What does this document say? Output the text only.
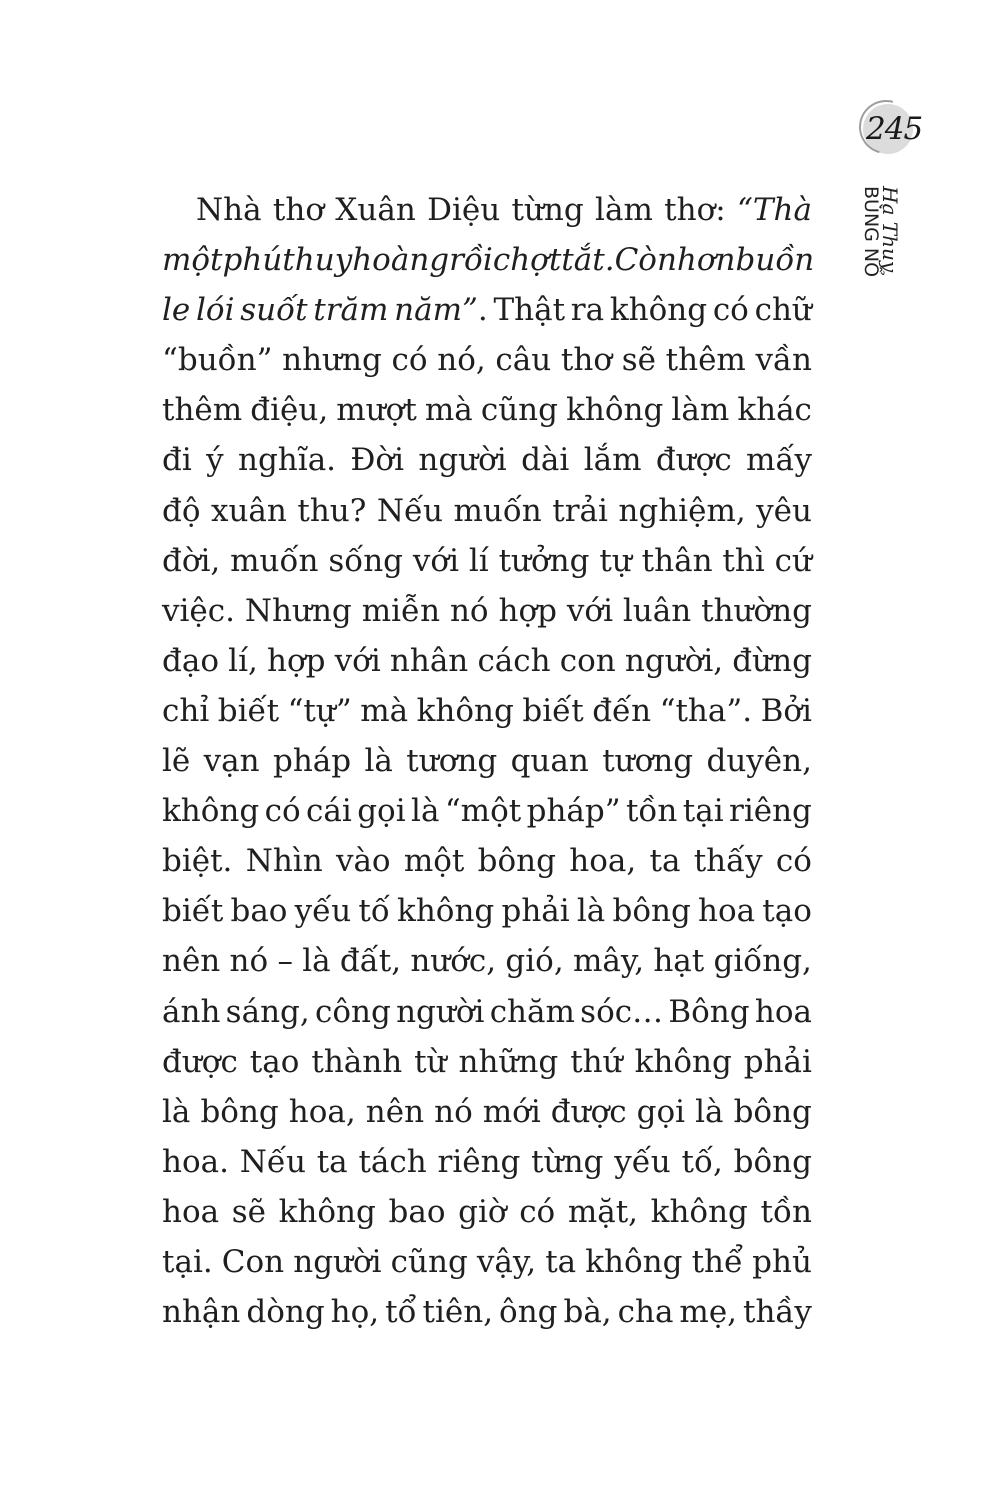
245
Hạ Thuy
BÙNG NỔ
Nhà thơ Xuân Diệu từng làm thơ: “Thà
một phút huy hoàng rồi chợt tắt. Còn hơn buồn
le lói suốt trăm năm”. Thật ra không có chữ
“buồn” nhưng có nó, câu thơ sẽ thêm vần
thêm điệu, mượt mà cũng không làm khác
đi ý nghĩa. Đời người dài lắm được mấy
độ xuân thu? Nếu muốn trải nghiệm, yêu
đời, muốn sống với lí tưởng tự thân thì cứ
việc. Nhưng miễn nó hợp với luân thường
đạo lí, hợp với nhân cách con người, đừng
chỉ biết “tự” mà không biết đến “tha”. Bởi
lẽ vạn pháp là tương quan tương duyên,
không có cái gọi là “một pháp” tồn tại riêng
biệt. Nhìn vào một bông hoa, ta thấy có
biết bao yếu tố không phải là bông hoa tạo
nên nó – là đất, nước, gió, mây, hạt giống,
ánh sáng, công người chăm sóc… Bông hoa
được tạo thành từ những thứ không phải
là bông hoa, nên nó mới được gọi là bông
hoa. Nếu ta tách riêng từng yếu tố, bông
hoa sẽ không bao giờ có mặt, không tồn
tại. Con người cũng vậy, ta không thể phủ
nhận dòng họ, tổ tiên, ông bà, cha mẹ, thầy
